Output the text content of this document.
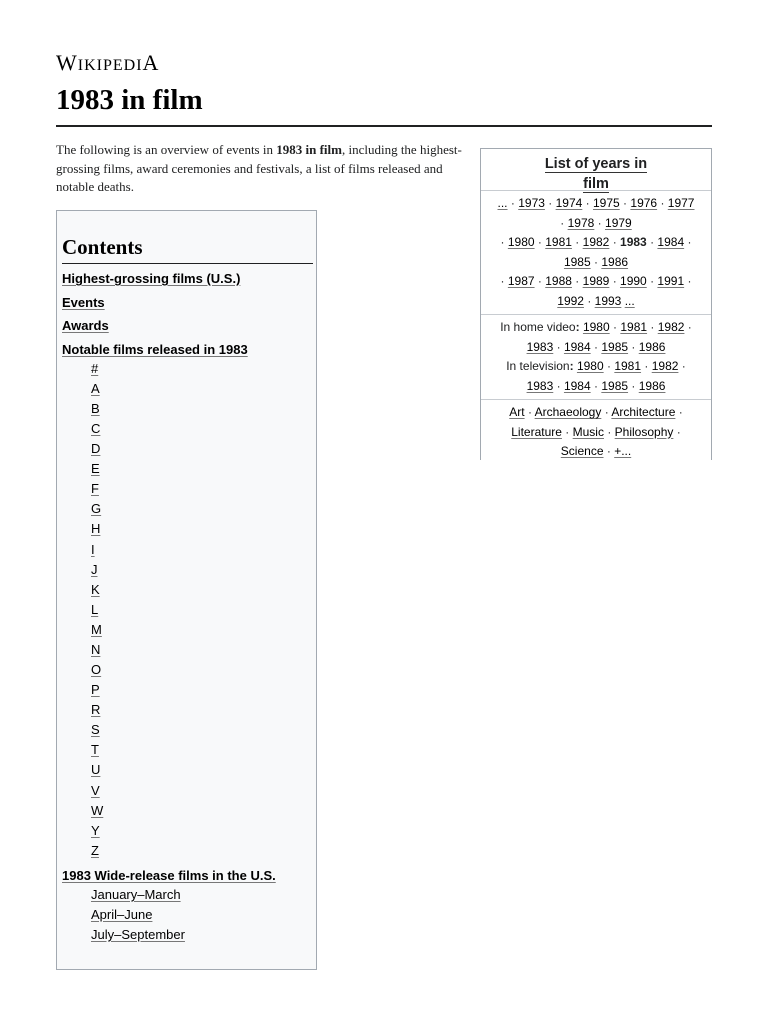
WIKIPEDIA
1983 in film

The following is an overview of events in 1983 in film, including the highest-grossing films, award ceremonies and festivals, a list of films released and notable deaths.

Contents
Highest-grossing films (U.S.)
Events
Awards
Notable films released in 1983
#
A
B
C
D
E
F
G
H
I
J
K
L
M
N
O
P
R
S
T
U
V
W
Y
Z
1983 Wide-release films in the U.S.
January–March
April–June
July–September
List of years in
film
... · 1973 · 1974 · 1975 · 1976 · 1977
· 1978 · 1979
· 1980 · 1981 · 1982 · 1983 · 1984 ·
1985 · 1986
· 1987 · 1988 · 1989 · 1990 · 1991 ·
1992 · 1993 ...
In home video: 1980 · 1981 · 1982 ·
1983 · 1984 · 1985 · 1986
In television: 1980 · 1981 · 1982 ·
1983 · 1984 · 1985 · 1986
Art · Archaeology · Architecture ·
Literature · Music · Philosophy ·
Science · +...
